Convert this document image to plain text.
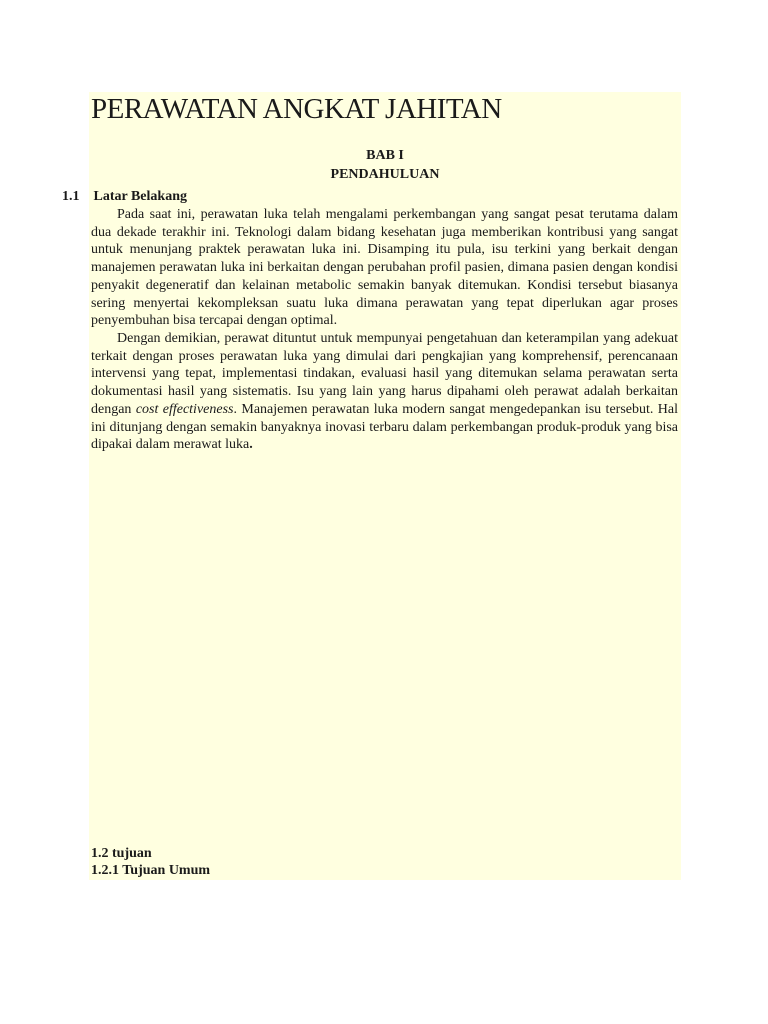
PERAWATAN ANGKAT JAHITAN
BAB I
PENDAHULUAN
1.1 Latar Belakang

Pada saat ini, perawatan luka telah mengalami perkembangan yang sangat pesat terutama dalam dua dekade terakhir ini. Teknologi dalam bidang kesehatan juga memberikan kontribusi yang sangat untuk menunjang praktek perawatan luka ini. Disamping itu pula, isu terkini yang berkait dengan manajemen perawatan luka ini berkaitan dengan perubahan profil pasien, dimana pasien dengan kondisi penyakit degeneratif dan kelainan metabolic semakin banyak ditemukan. Kondisi tersebut biasanya sering menyertai kekompleksan suatu luka dimana perawatan yang tepat diperlukan agar proses penyembuhan bisa tercapai dengan optimal.

Dengan demikian, perawat dituntut untuk mempunyai pengetahuan dan keterampilan yang adekuat terkait dengan proses perawatan luka yang dimulai dari pengkajian yang komprehensif, perencanaan intervensi yang tepat, implementasi tindakan, evaluasi hasil yang ditemukan selama perawatan serta dokumentasi hasil yang sistematis. Isu yang lain yang harus dipahami oleh perawat adalah berkaitan dengan cost effectiveness. Manajemen perawatan luka modern sangat mengedepankan isu tersebut. Hal ini ditunjang dengan semakin banyaknya inovasi terbaru dalam perkembangan produk-produk yang bisa dipakai dalam merawat luka.

1.2 tujuan
1.2.1 Tujuan Umum
